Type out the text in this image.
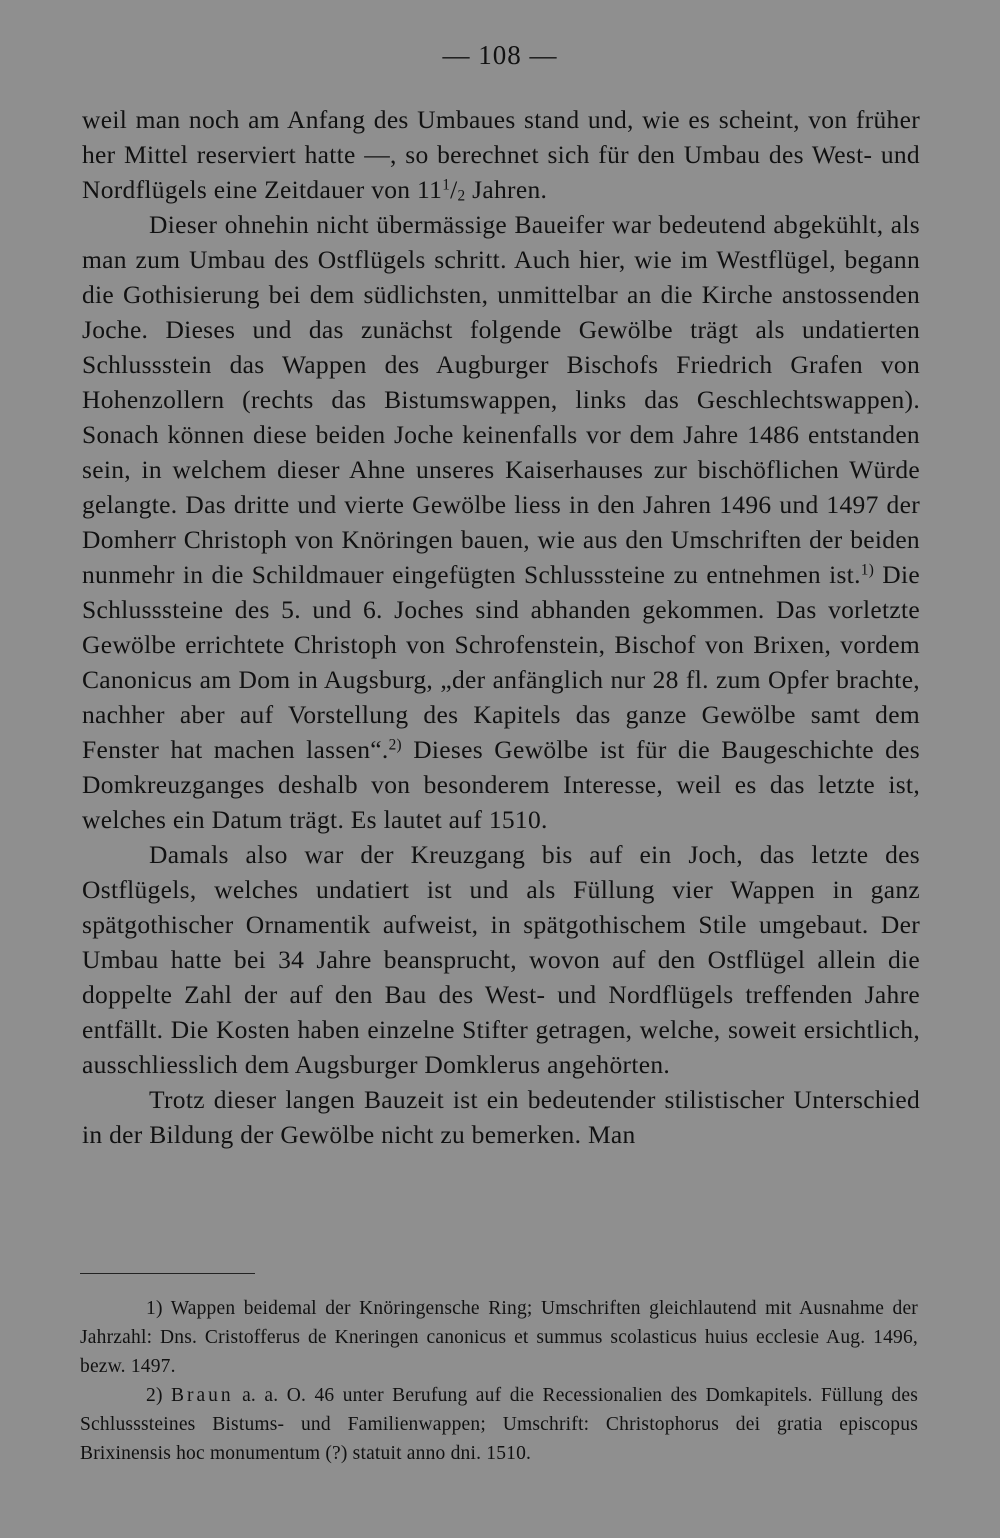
— 108 —

weil man noch am Anfang des Umbaues stand und, wie es scheint, von früher her Mittel reserviert hatte —, so berechnet sich für den Umbau des West- und Nordflügels eine Zeitdauer von $11^1/_2$ Jahren.

Dieser ohnehin nicht übermässige Baueifer war bedeutend abgekühlt, als man zum Umbau des Ostflügels schritt. Auch hier, wie im Westflügel, begann die Gothisierung bei dem südlichsten, unmittelbar an die Kirche anstossenden Joche. Dieses und das zunächst folgende Gewölbe trägt als undatierten Schlussstein das Wappen des Augburger Bischofs Friedrich Grafen von Hohenzollern (rechts das Bistumswappen, links das Geschlechtswappen). Sonach können diese beiden Joche keinenfalls vor dem Jahre 1486 entstanden sein, in welchem dieser Ahne unseres Kaiserhauses zur bischöflichen Würde gelangte. Das dritte und vierte Gewölbe liess in den Jahren 1496 und 1497 der Domherr Christoph von Knöringen bauen, wie aus den Umschriften der beiden nunmehr in die Schildmauer eingefügten Schlusssteine zu entnehmen ist.$^{1)}$ Die Schlusssteine des 5. und 6. Joches sind abhanden gekommen. Das vorletzte Gewölbe errichtete Christoph von Schrofenstein, Bischof von Brixen, vordem Canonicus am Dom in Augsburg, „der anfänglich nur 28 fl. zum Opfer brachte, nachher aber auf Vorstellung des Kapitels das ganze Gewölbe samt dem Fenster hat machen lassen“.$^{2)}$ Dieses Gewölbe ist für die Baugeschichte des Domkreuzganges deshalb von besonderem Interesse, weil es das letzte ist, welches ein Datum trägt. Es lautet auf 1510.

Damals also war der Kreuzgang bis auf ein Joch, das letzte des Ostflügels, welches undatiert ist und als Füllung vier Wappen in ganz spätgothischer Ornamentik aufweist, in spätgothischem Stile umgebaut. Der Umbau hatte bei 34 Jahre beansprucht, wovon auf den Ostflügel allein die doppelte Zahl der auf den Bau des West- und Nordflügels treffenden Jahre entfällt. Die Kosten haben einzelne Stifter getragen, welche, soweit ersichtlich, ausschliesslich dem Augsburger Domklerus angehörten.

Trotz dieser langen Bauzeit ist ein bedeutender stilistischer Unterschied in der Bildung der Gewölbe nicht zu bemerken. Man

1) Wappen beidemal der Knöringensche Ring; Umschriften gleichlautend mit Ausnahme der Jahrzahl: Dns. Cristofferus de Kneringen canonicus et summus scolasticus huius ecclesie Aug. 1496, bezw. 1497.

2) Braun a. a. O. 46 unter Berufung auf die Recessionalien des Domkapitels. Füllung des Schlusssteines Bistums- und Familienwappen; Umschrift: Christophorus dei gratia episcopus Brixinensis hoc monumentum (?) statuit anno dni. 1510.
